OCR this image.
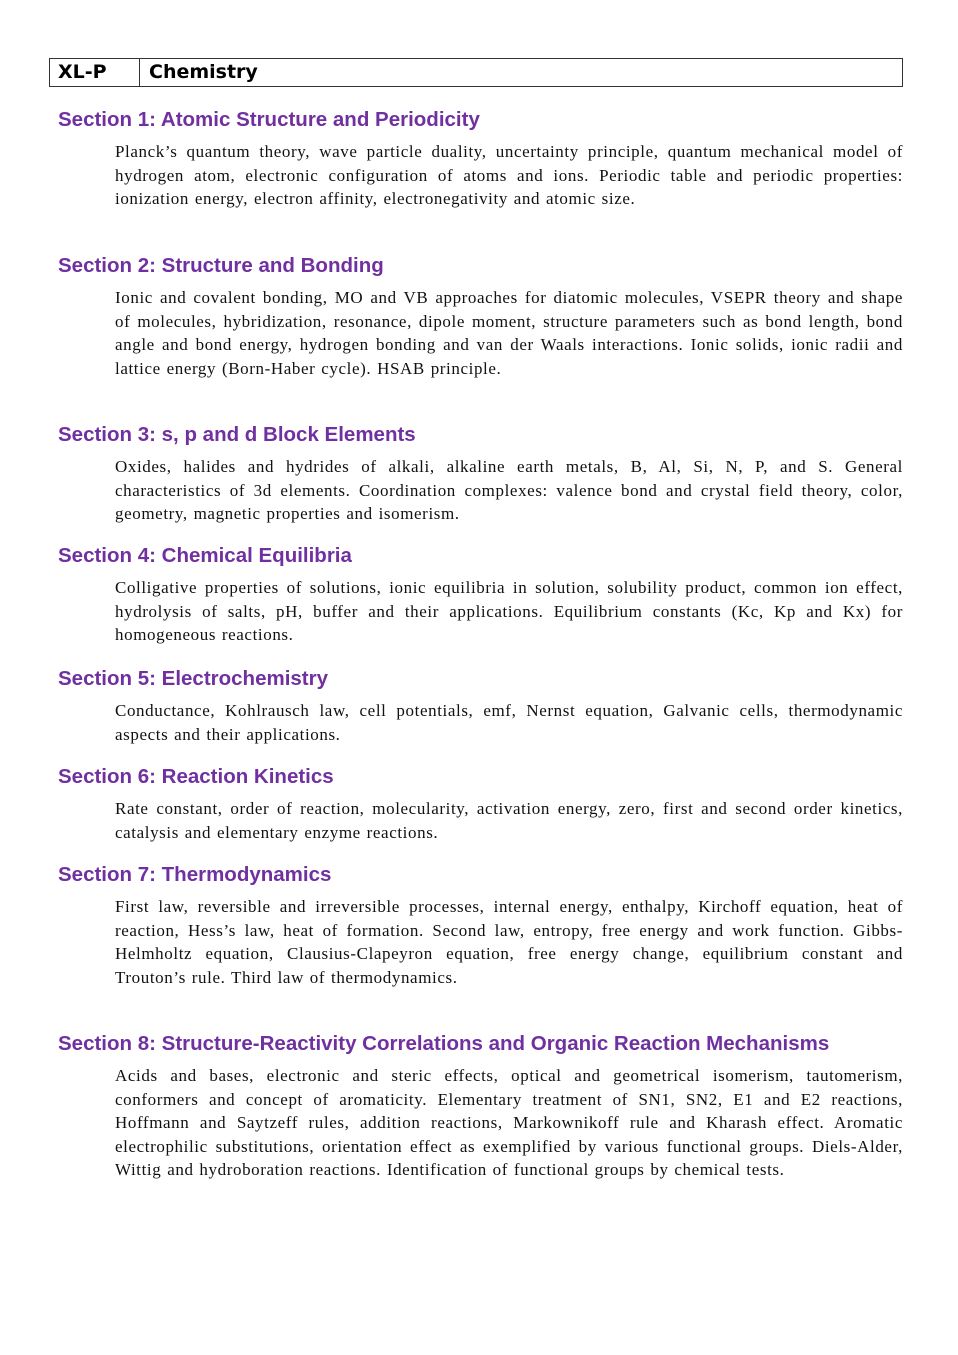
XL-P	Chemistry
Section 1: Atomic Structure and Periodicity

Planck’s quantum theory, wave particle duality, uncertainty principle, quantum mechanical model of hydrogen atom, electronic configuration of atoms and ions. Periodic table and periodic properties: ionization energy, electron affinity, electronegativity and atomic size.

Section 2: Structure and Bonding

Ionic and covalent bonding, MO and VB approaches for diatomic molecules, VSEPR theory and shape of molecules, hybridization, resonance, dipole moment, structure parameters such as bond length, bond angle and bond energy, hydrogen bonding and van der Waals interactions. Ionic solids, ionic radii and lattice energy (Born-Haber cycle). HSAB principle.

Section 3: s, p and d Block Elements

Oxides, halides and hydrides of alkali, alkaline earth metals, B, Al, Si, N, P, and S. General characteristics of 3d elements. Coordination complexes: valence bond and crystal field theory, color, geometry, magnetic properties and isomerism.

Section 4: Chemical Equilibria

Colligative properties of solutions, ionic equilibria in solution, solubility product, common ion effect, hydrolysis of salts, pH, buffer and their applications. Equilibrium constants (Kc, Kp and Kx) for homogeneous reactions.

Section 5: Electrochemistry

Conductance, Kohlrausch law, cell potentials, emf, Nernst equation, Galvanic cells, thermodynamic aspects and their applications.

Section 6: Reaction Kinetics

Rate constant, order of reaction, molecularity, activation energy, zero, first and second order kinetics, catalysis and elementary enzyme reactions.

Section 7: Thermodynamics

First law, reversible and irreversible processes, internal energy, enthalpy, Kirchoff equation, heat of reaction, Hess’s law, heat of formation. Second law, entropy, free energy and work function. Gibbs-Helmholtz equation, Clausius-Clapeyron equation, free energy change, equilibrium constant and Trouton’s rule. Third law of thermodynamics.

Section 8: Structure-Reactivity Correlations and Organic Reaction Mechanisms

Acids and bases, electronic and steric effects, optical and geometrical isomerism, tautomerism, conformers and concept of aromaticity. Elementary treatment of SN1, SN2, E1 and E2 reactions, Hoffmann and Saytzeff rules, addition reactions, Markownikoff rule and Kharash effect. Aromatic electrophilic substitutions, orientation effect as exemplified by various functional groups. Diels-Alder, Wittig and hydroboration reactions. Identification of functional groups by chemical tests.
